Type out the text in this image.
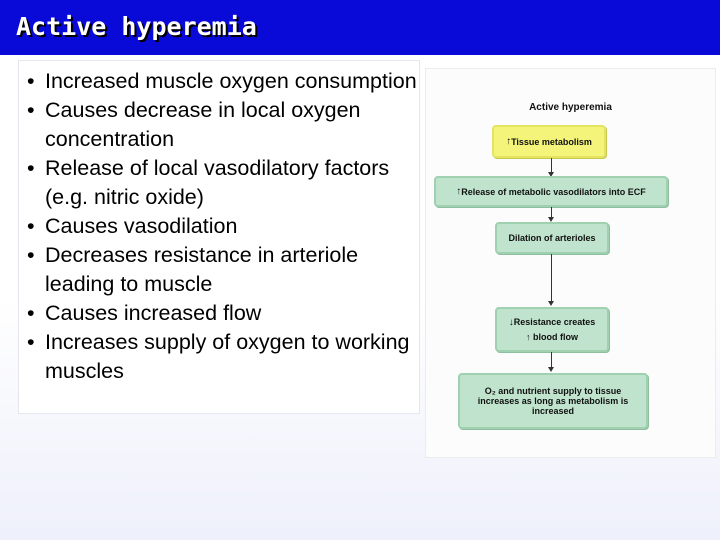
Active hyperemia
• Increased muscle oxygen consumption
• Causes decrease in local oxygen concentration
• Release of local vasodilatory factors (e.g. nitric oxide)
• Causes vasodilation
• Decreases resistance in arteriole leading to muscle
• Causes increased flow
• Increases supply of oxygen to working muscles
Active hyperemia
↑ Tissue metabolism
↑ Release of metabolic vasodilators into ECF
Dilation of arterioles
↓Resistance creates
↑ blood flow
O₂ and nutrient supply to tissue increases as long as metabolism is increased
